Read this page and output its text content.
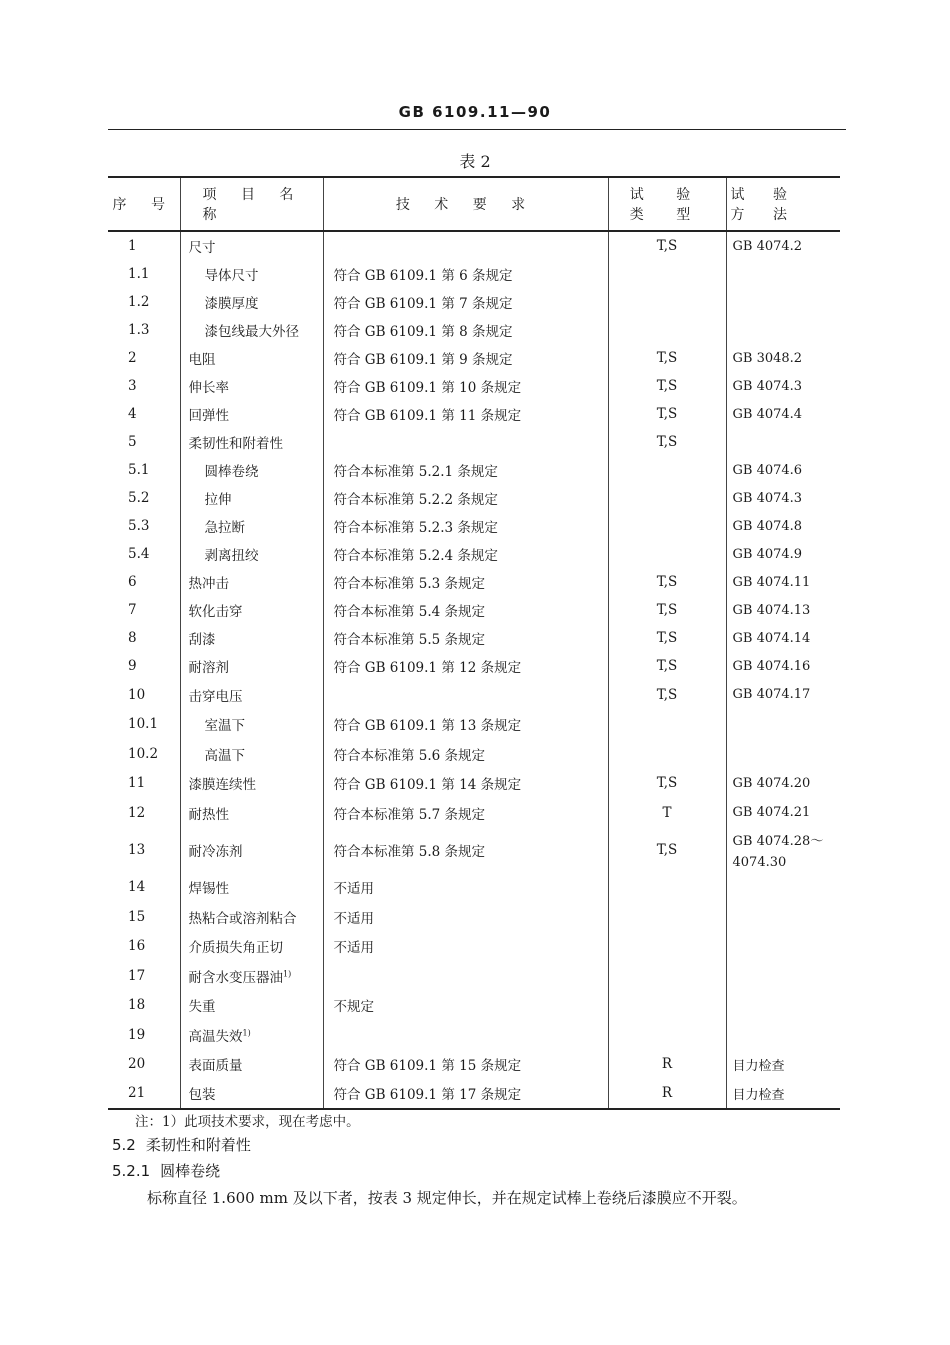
GB 6109.11—90
表 2
序 号	项 目 名 称	技 术 要 求	试 验 类 型	试 验 方 法
1	尺寸		T,S	GB 4074.2

1.1	导体尺寸	符合 GB 6109.1 第 6 条规定		

1.2	漆膜厚度	符合 GB 6109.1 第 7 条规定		

1.3	漆包线最大外径	符合 GB 6109.1 第 8 条规定		

2	电阻	符合 GB 6109.1 第 9 条规定	T,S	GB 3048.2

3	伸长率	符合 GB 6109.1 第 10 条规定	T,S	GB 4074.3

4	回弹性	符合 GB 6109.1 第 11 条规定	T,S	GB 4074.4

5	柔韧性和附着性		T,S	

5.1	圆棒卷绕	符合本标准第 5.2.1 条规定		GB 4074.6

5.2	拉伸	符合本标准第 5.2.2 条规定		GB 4074.3

5.3	急拉断	符合本标准第 5.2.3 条规定		GB 4074.8

5.4	剥离扭绞	符合本标准第 5.2.4 条规定		GB 4074.9

6	热冲击	符合本标准第 5.3 条规定	T,S	GB 4074.11

7	软化击穿	符合本标准第 5.4 条规定	T,S	GB 4074.13

8	刮漆	符合本标准第 5.5 条规定	T,S	GB 4074.14

9	耐溶剂	符合 GB 6109.1 第 12 条规定	T,S	GB 4074.16

10	击穿电压		T,S	GB 4074.17

10.1	室温下	符合 GB 6109.1 第 13 条规定		

10.2	高温下	符合本标准第 5.6 条规定		

11	漆膜连续性	符合 GB 6109.1 第 14 条规定	T,S	GB 4074.20

12	耐热性	符合本标准第 5.7 条规定	T	GB 4074.21

13	耐冷冻剂	符合本标准第 5.8 条规定	T,S	GB 4074.28～
4074.30

14	焊锡性	不适用		

15	热粘合或溶剂粘合	不适用		

16	介质损失角正切	不适用		

17	耐含水变压器油$^{1)}$			

18	失重	不规定		

19	高温失效$^{1)}$			

20	表面质量	符合 GB 6109.1 第 15 条规定	R	目力检查

21	包装	符合 GB 6109.1 第 17 条规定	R	目力检查
注：1）此项技术要求，现在考虑中。
5.2 柔韧性和附着性
5.2.1 圆棒卷绕
标称直径 1.600 mm 及以下者，按表 3 规定伸长，并在规定试棒上卷绕后漆膜应不开裂。
